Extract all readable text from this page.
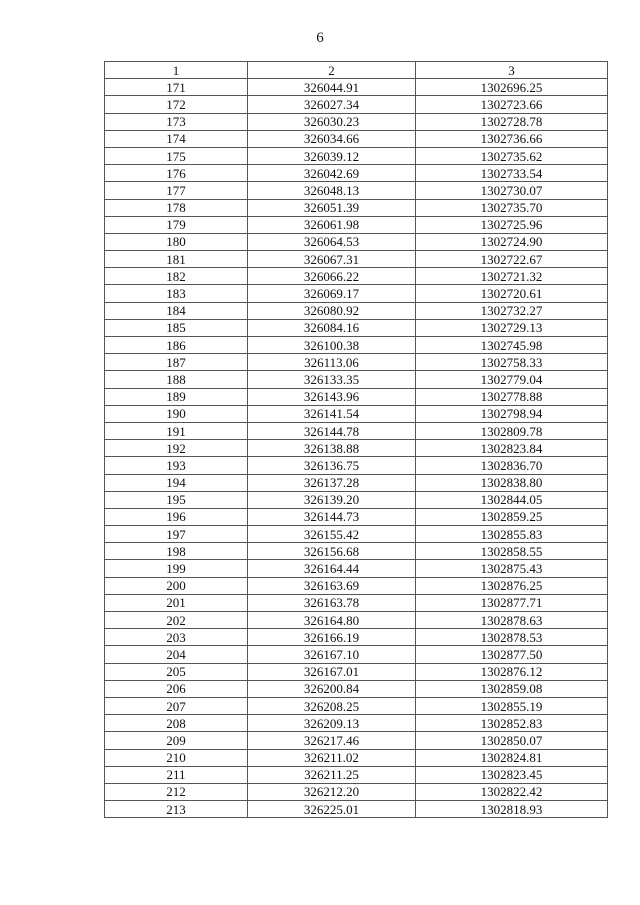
6
1	2	3
171	326044.91	1302696.25
172	326027.34	1302723.66
173	326030.23	1302728.78
174	326034.66	1302736.66
175	326039.12	1302735.62
176	326042.69	1302733.54
177	326048.13	1302730.07
178	326051.39	1302735.70
179	326061.98	1302725.96
180	326064.53	1302724.90
181	326067.31	1302722.67
182	326066.22	1302721.32
183	326069.17	1302720.61
184	326080.92	1302732.27
185	326084.16	1302729.13
186	326100.38	1302745.98
187	326113.06	1302758.33
188	326133.35	1302779.04
189	326143.96	1302778.88
190	326141.54	1302798.94
191	326144.78	1302809.78
192	326138.88	1302823.84
193	326136.75	1302836.70
194	326137.28	1302838.80
195	326139.20	1302844.05
196	326144.73	1302859.25
197	326155.42	1302855.83
198	326156.68	1302858.55
199	326164.44	1302875.43
200	326163.69	1302876.25
201	326163.78	1302877.71
202	326164.80	1302878.63
203	326166.19	1302878.53
204	326167.10	1302877.50
205	326167.01	1302876.12
206	326200.84	1302859.08
207	326208.25	1302855.19
208	326209.13	1302852.83
209	326217.46	1302850.07
210	326211.02	1302824.81
211	326211.25	1302823.45
212	326212.20	1302822.42
213	326225.01	1302818.93
